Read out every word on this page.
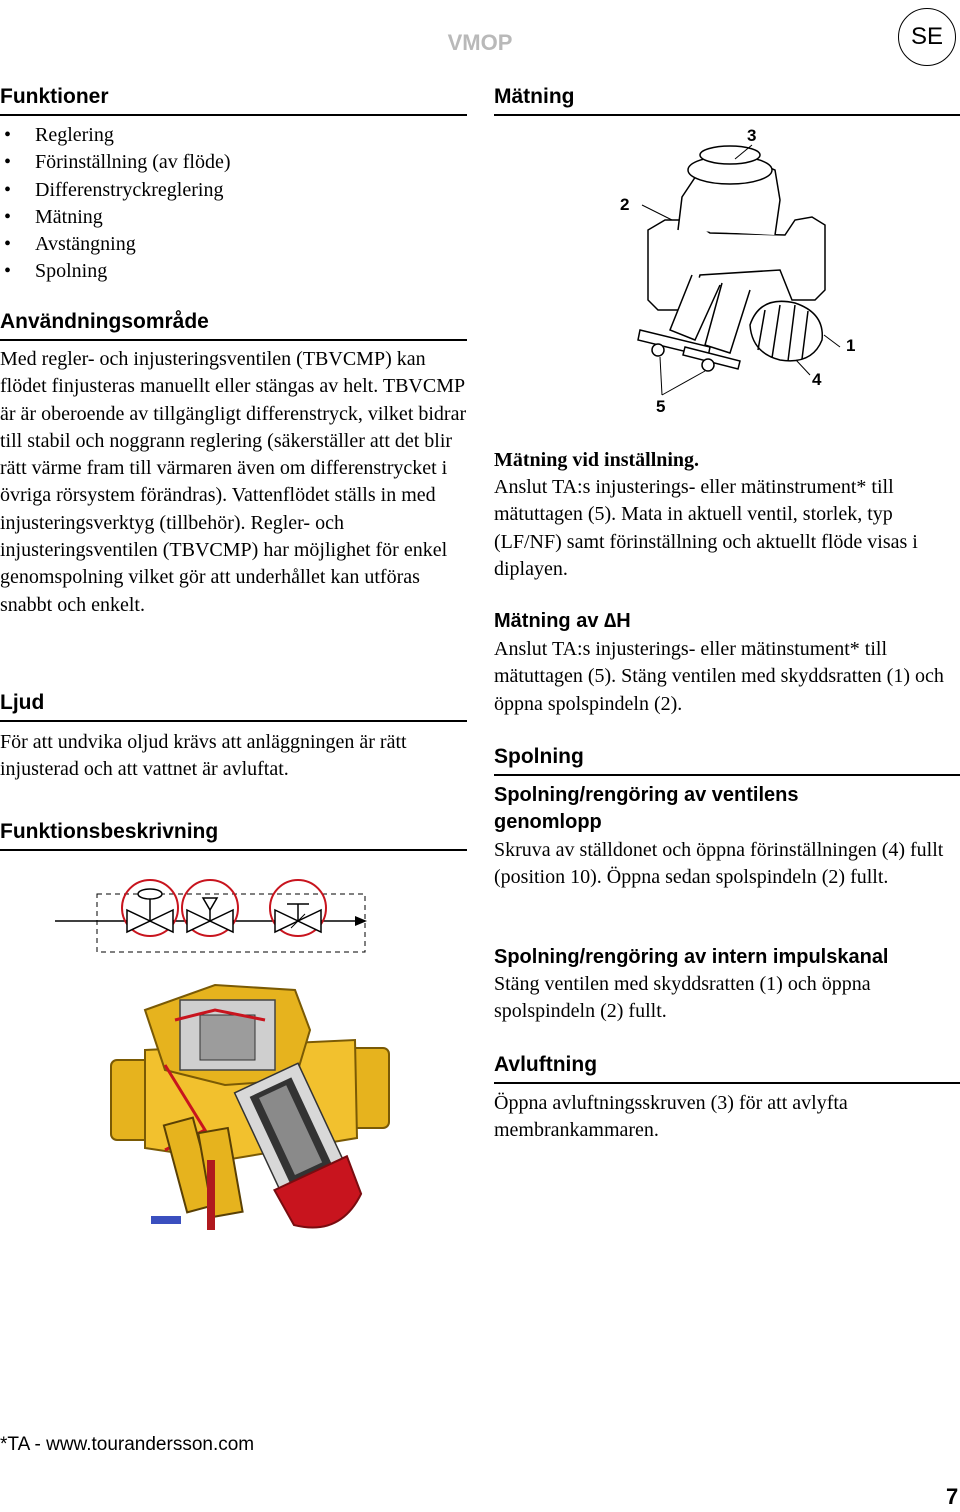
VMOP	SE
Funktioner
• Reglering
• Förinställning (av flöde)
• Differenstryckreglering
• Mätning
• Avstängning
• Spolning
Användningsområde
Med regler- och injusteringsventilen (TBVCMP) kan flödet finjusteras manuellt eller stängas av helt. TBVCMP är är oberoende av tillgängligt differenstryck, vilket bidrar till stabil och noggrann reglering (säkerställer att det blir rätt värme fram till värmaren även om differenstrycket i övriga rörsystem förändras). Vattenflödet ställs in med injusteringsverktyg (tillbehör). Regler- och injusteringsventilen (TBVCMP) har möjlighet för enkel genomspolning vilket gör att underhållet kan utföras snabbt och enkelt.
Ljud
För att undvika oljud krävs att anläggningen är rätt injusterad och att vattnet är avluftat.
Funktionsbeskrivning
Mätning
3
2
1
4
5
Mätning vid inställning.
Anslut TA:s injusterings- eller mätinstrument* till mätuttagen (5). Mata in aktuell ventil, storlek, typ (LF/NF) samt förinställning och aktuellt flöde visas i diplayen.
Mätning av ∆H
Anslut TA:s injusterings- eller mätinstument* till mätuttagen (5). Stäng ventilen med skyddsratten (1) och öppna spolspindeln (2).
Spolning
Spolning/rengöring av ventilens genomlopp
Skruva av ställdonet och öppna förinställningen (4) fullt (position 10). Öppna sedan spolspindeln (2) fullt.
Spolning/rengöring av intern impulskanal
Stäng ventilen med skyddsratten (1) och öppna spolspindeln (2) fullt.
Avluftning
Öppna avluftningsskruven (3) för att avlyfta membrankammaren.
*TA - www.tourandersson.com
7
